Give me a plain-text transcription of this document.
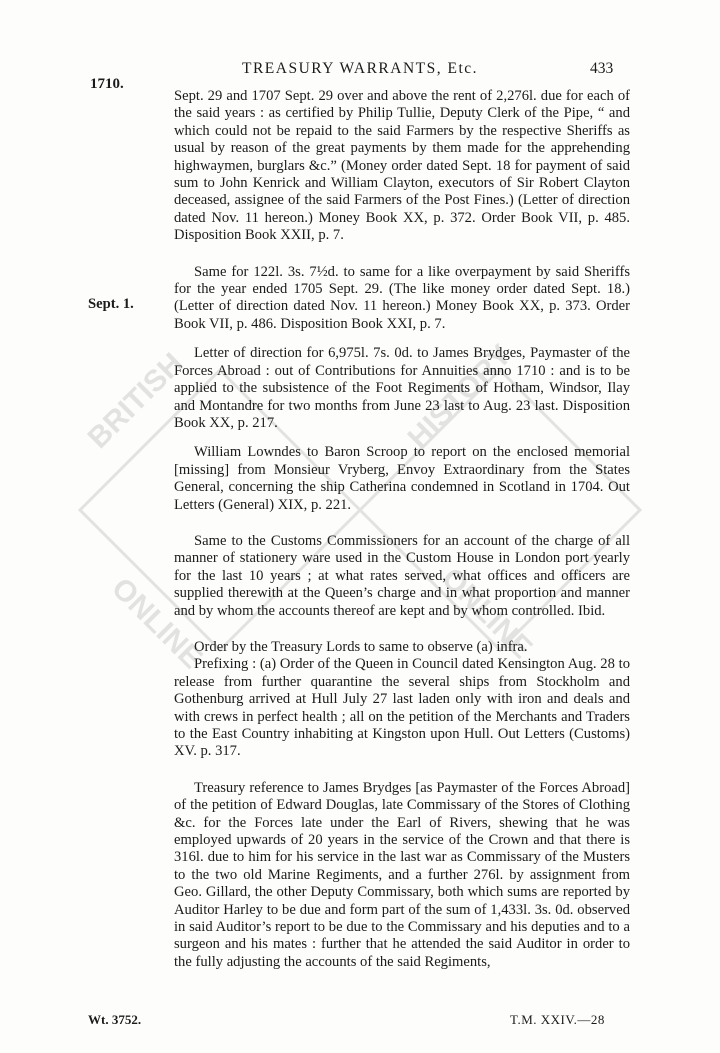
BRITISH	HISTORY
ONLINE	ONLINE
1710.
TREASURY WARRANTS, Etc.	433
Sept. 1.

Sept. 29 and 1707 Sept. 29 over and above the rent of 2,276l. due for each of the said years : as certified by Philip Tullie, Deputy Clerk of the Pipe, “ and which could not be repaid to the said Farmers by the respective Sheriffs as usual by reason of the great payments by them made for the apprehending highwaymen, burglars &c.” (Money order dated Sept. 18 for payment of said sum to John Kenrick and William Clayton, executors of Sir Robert Clayton deceased, assignee of the said Farmers of the Post Fines.) (Letter of direction dated Nov. 11 hereon.) Money Book XX, p. 372. Order Book VII, p. 485. Disposition Book XXII, p. 7.

Same for 122l. 3s. 7½d. to same for a like overpayment by said Sheriffs for the year ended 1705 Sept. 29. (The like money order dated Sept. 18.) (Letter of direction dated Nov. 11 hereon.) Money Book XX, p. 373. Order Book VII, p. 486. Disposition Book XXI, p. 7.

Letter of direction for 6,975l. 7s. 0d. to James Brydges, Paymaster of the Forces Abroad : out of Contributions for Annuities anno 1710 : and is to be applied to the subsistence of the Foot Regiments of Hotham, Windsor, Ilay and Montandre for two months from June 23 last to Aug. 23 last. Disposition Book XX, p. 217.

William Lowndes to Baron Scroop to report on the enclosed memorial [missing] from Monsieur Vryberg, Envoy Extraordinary from the States General, concerning the ship Catherina condemned in Scotland in 1704. Out Letters (General) XIX, p. 221.

Same to the Customs Commissioners for an account of the charge of all manner of stationery ware used in the Custom House in London port yearly for the last 10 years ; at what rates served, what offices and officers are supplied therewith at the Queen’s charge and in what proportion and manner and by whom the accounts thereof are kept and by whom controlled. Ibid.

Order by the Treasury Lords to same to observe (a) infra.

Prefixing : (a) Order of the Queen in Council dated Kensington Aug. 28 to release from further quarantine the several ships from Stockholm and Gothenburg arrived at Hull July 27 last laden only with iron and deals and with crews in perfect health ; all on the petition of the Merchants and Traders to the East Country inhabiting at Kingston upon Hull. Out Letters (Customs) XV. p. 317.

Treasury reference to James Brydges [as Paymaster of the Forces Abroad] of the petition of Edward Douglas, late Commissary of the Stores of Clothing &c. for the Forces late under the Earl of Rivers, shewing that he was employed upwards of 20 years in the service of the Crown and that there is 316l. due to him for his service in the last war as Commissary of the Musters to the two old Marine Regiments, and a further 276l. by assignment from Geo. Gillard, the other Deputy Commissary, both which sums are reported by Auditor Harley to be due and form part of the sum of 1,433l. 3s. 0d. observed in said Auditor’s report to be due to the Commissary and his deputies and to a surgeon and his mates : further that he attended the said Auditor in order to the fully adjusting the accounts of the said Regiments,

Wt. 3752.	T.M. XXIV.—28
